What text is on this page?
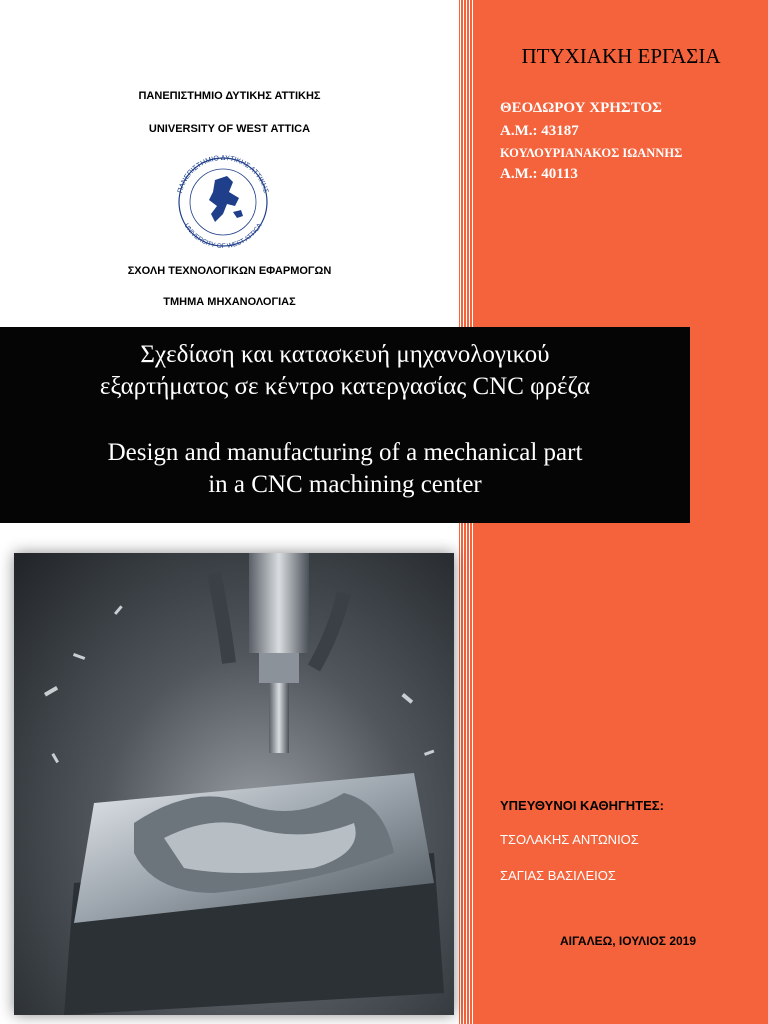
ΠΑΝΕΠΙΣΤΗΜΙΟ ΔΥΤΙΚΗΣ ΑΤΤΙΚΗΣ
UNIVERSITY OF WEST ATTICA
ΣΧΟΛΗ ΤΕΧΝΟΛΟΓΙΚΩΝ ΕΦΑΡΜΟΓΩΝ
ΤΜΗΜΑ ΜΗΧΑΝΟΛΟΓΙΑΣ
ΠΑΝΕΠΙΣΤΗΜΙΟ ΔΥΤΙΚΗΣ ΑΤΤΙΚΗΣ
UNIVERSITY OF WEST ATTICA
Σχεδίαση και κατασκευή μηχανολογικού
εξαρτήματος σε κέντρο κατεργασίας CNC φρέζα
Design and manufacturing of a mechanical part
in a CNC machining center
ΠΤΥΧΙΑΚΗ ΕΡΓΑΣΙΑ
ΘΕΟΔΩΡΟΥ ΧΡΗΣΤΟΣ
Α.Μ.: 43187
ΚΟΥΛΟΥΡΙΑΝΑΚΟΣ ΙΩΑΝΝΗΣ
Α.Μ.: 40113
ΥΠΕΥΘΥΝΟΙ ΚΑΘΗΓΗΤΕΣ:
ΤΣΟΛΑΚΗΣ ΑΝΤΩΝΙΟΣ
ΣΑΓΙΑΣ ΒΑΣΙΛΕΙΟΣ
ΑΙΓΑΛΕΩ, ΙΟΥΛΙΟΣ 2019
